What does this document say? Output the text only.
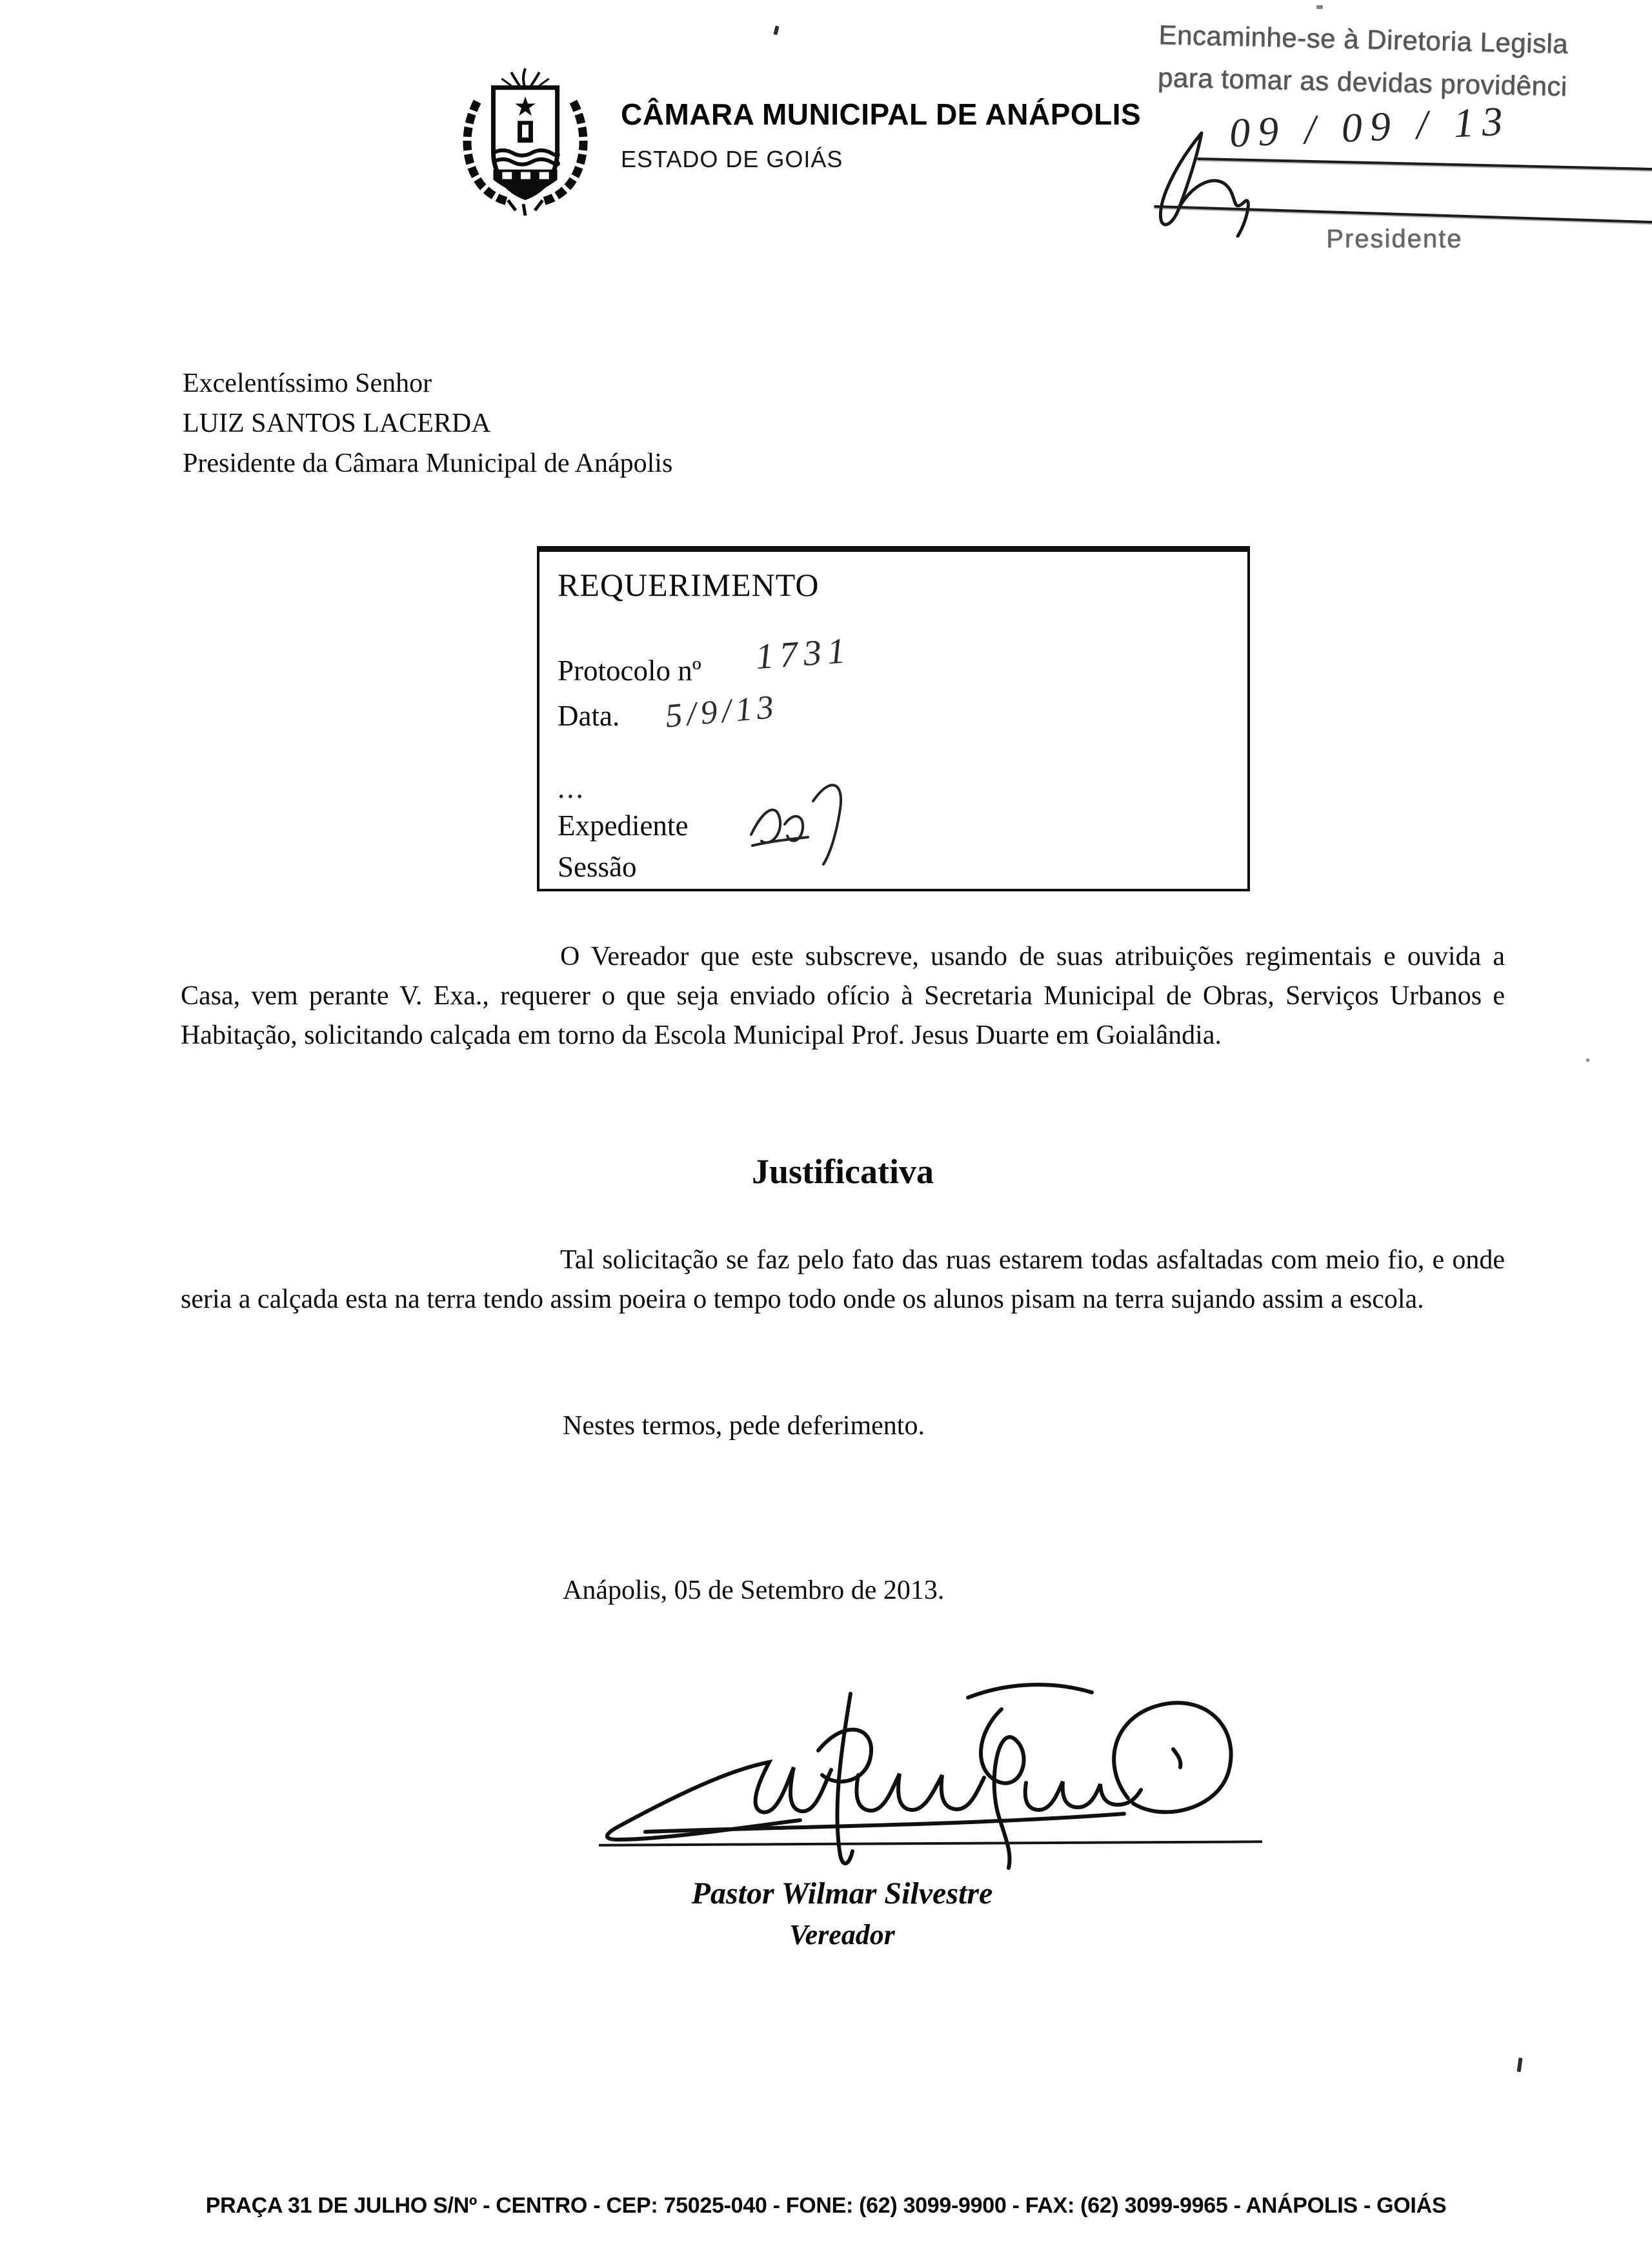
CÂMARA MUNICIPAL DE ANÁPOLIS
ESTADO DE GOIÁS
Encaminhe-se à Diretoria Legisla
para tomar as devidas providênci
09 / 09 / 13
Presidente
Excelentíssimo Senhor
LUIZ SANTOS LACERDA
Presidente da Câmara Municipal de Anápolis
REQUERIMENTO
Protocolo nº 1731
Data. 5/9/13
...
Expediente
Sessão
O Vereador que este subscreve, usando de suas atribuições regimentais e ouvida a Casa, vem perante V. Exa., requerer o que seja enviado ofício à Secretaria Municipal de Obras, Serviços Urbanos e Habitação, solicitando calçada em torno da Escola Municipal Prof. Jesus Duarte em Goialândia.
Justificativa
Tal solicitação se faz pelo fato das ruas estarem todas asfaltadas com meio fio, e onde seria a calçada esta na terra tendo assim poeira o tempo todo onde os alunos pisam na terra sujando assim a escola.
Nestes termos, pede deferimento.
Anápolis, 05 de Setembro de 2013.
Pastor Wilmar Silvestre
Vereador
PRAÇA 31 DE JULHO S/Nº - CENTRO - CEP: 75025-040 - FONE: (62) 3099-9900 - FAX: (62) 3099-9965 - ANÁPOLIS - GOIÁS
